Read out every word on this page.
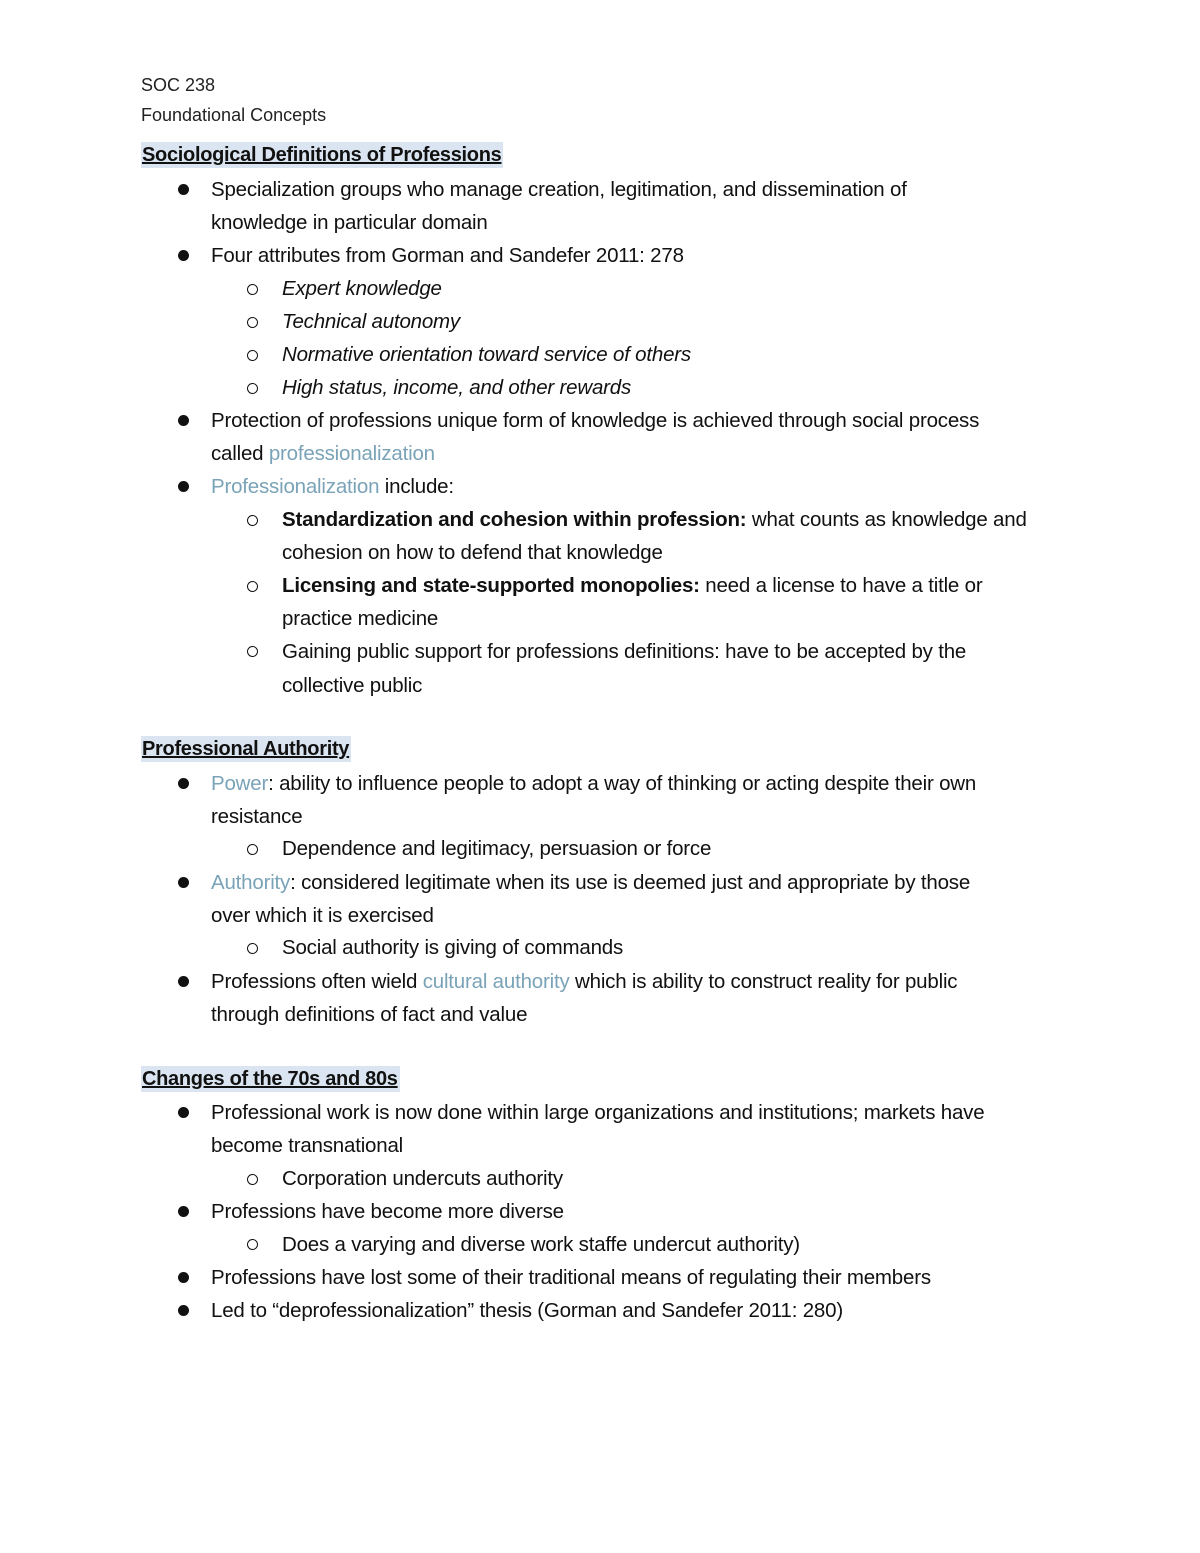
SOC 238
Foundational Concepts
Sociological Definitions of Professions
Specialization groups who manage creation, legitimation, and dissemination of
knowledge in particular domain
Four attributes from Gorman and Sandefer 2011: 278
Expert knowledge
Technical autonomy
Normative orientation toward service of others
High status, income, and other rewards
Protection of professions unique form of knowledge is achieved through social process
called professionalization
Professionalization include:
Standardization and cohesion within profession: what counts as knowledge and
cohesion on how to defend that knowledge
Licensing and state-supported monopolies: need a license to have a title or
practice medicine
Gaining public support for professions definitions: have to be accepted by the
collective public
Professional Authority
Power: ability to influence people to adopt a way of thinking or acting despite their own
resistance
Dependence and legitimacy, persuasion or force
Authority: considered legitimate when its use is deemed just and appropriate by those
over which it is exercised
Social authority is giving of commands
Professions often wield cultural authority which is ability to construct reality for public
through definitions of fact and value
Changes of the 70s and 80s
Professional work is now done within large organizations and institutions; markets have
become transnational
Corporation undercuts authority
Professions have become more diverse
Does a varying and diverse work staffe undercut authority)
Professions have lost some of their traditional means of regulating their members
Led to “deprofessionalization” thesis (Gorman and Sandefer 2011: 280)
